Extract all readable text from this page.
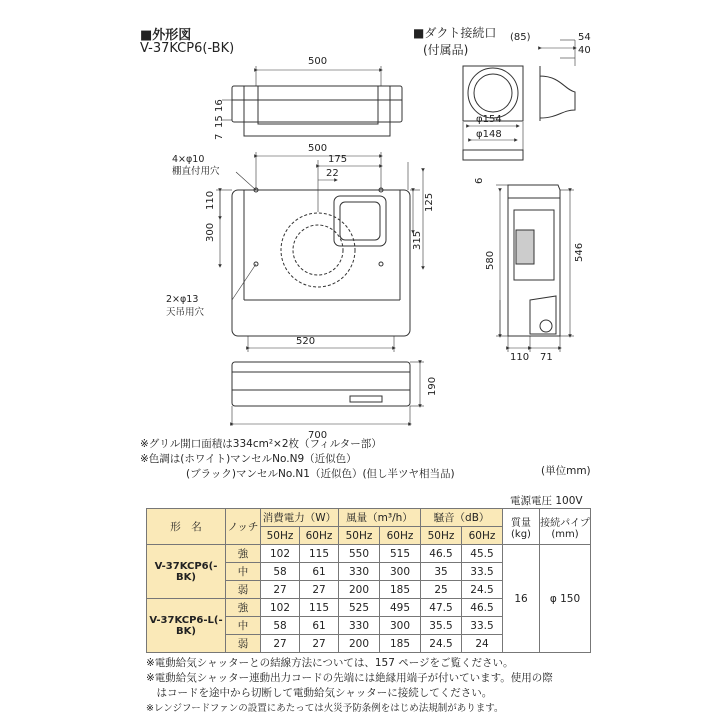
■外形図
V-37KCP6(-BK)
■ダクト接続口
(付属品)
500
16
15
7
500
175
22
520
110
300
125
315
4×φ10
棚直付用穴
2×φ13
天吊用穴
700
190
(85)	54
40
φ154
φ148
6
580	546
110 71
※グリル開口面積は334cm²×2枚（フィルター部）
※色調は(ホワイト)マンセルNo.N9（近似色）
(ブラック)マンセルNo.N1（近似色）(但し半ツヤ相当品)	(単位mm)
電源電圧 100V
形　名	ノッチ	消費電力（W）		風量（m³/h）		騒音（dB）		質量 (kg)	接続パイプ (mm)
		50Hz	60Hz	50Hz	60Hz	50Hz	60Hz		
V-37KCP6(-BK)	強	102	115	550	515	46.5	45.5	16	φ 150
	中	58	61	330	300	35	33.5		
	弱	27	27	200	185	25	24.5		
V-37KCP6-L(-BK)	強	102	115	525	495	47.5	46.5		
	中	58	61	330	300	35.5	33.5		
	弱	27	27	200	185	24.5	24		
※電動給気シャッターとの結線方法については、157 ページをご覧ください。
※電動給気シャッター連動出力コードの先端には絶縁用端子が付いています。使用の際
　はコードを途中から切断して電動給気シャッターに接続してください。
※レンジフードファンの設置にあたっては火災予防条例をはじめ法規制があります。
